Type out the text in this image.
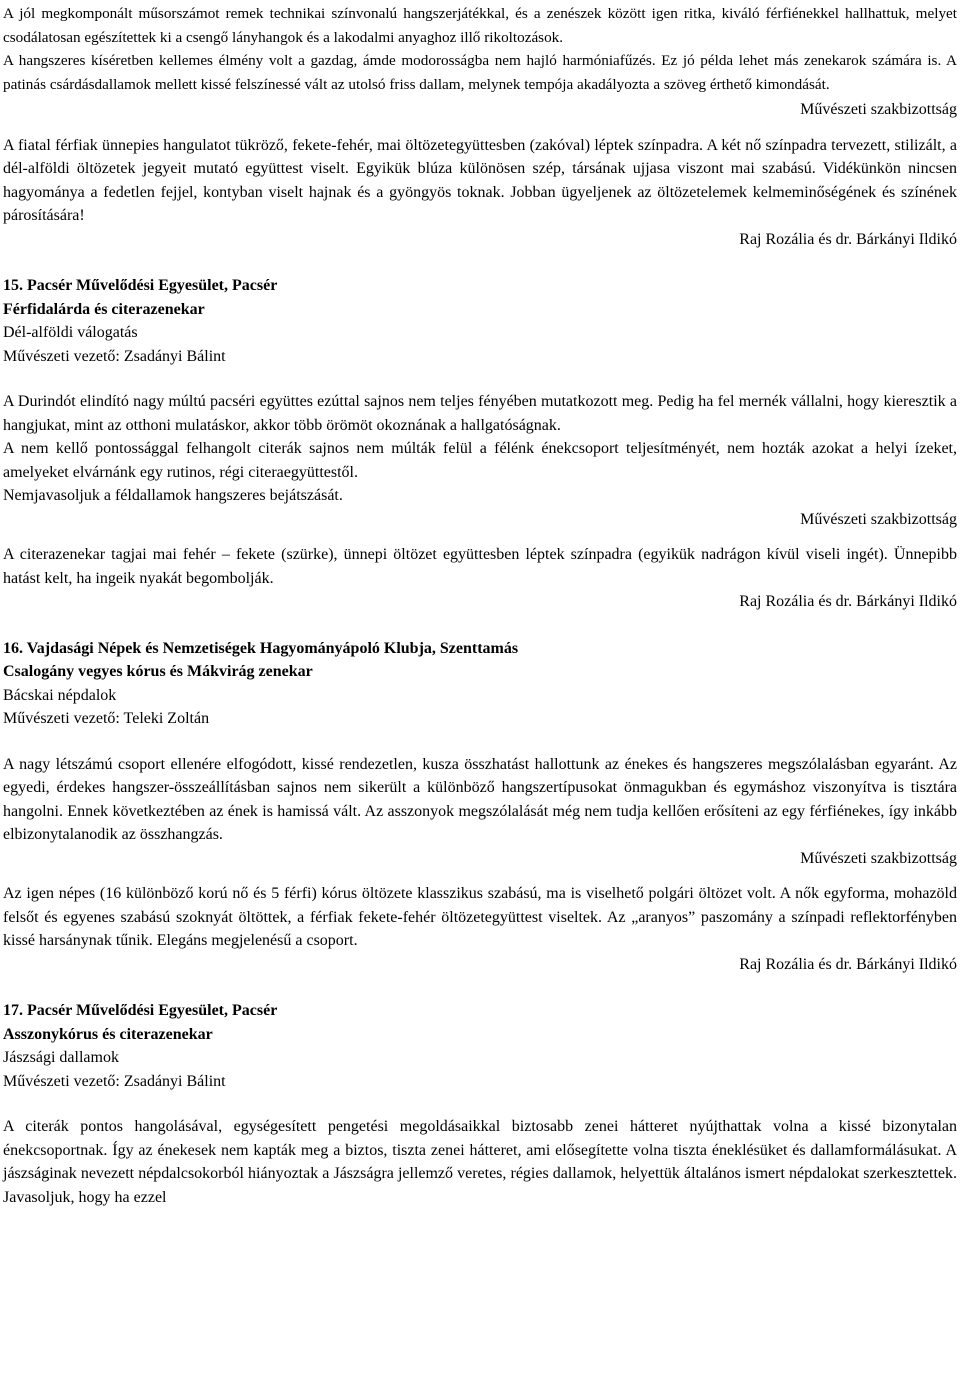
A jól megkomponált műsorszámot remek technikai színvonalú hangszerjátékkal, és a zenészek között igen ritka, kiváló férfiénekkel hallhattuk, melyet csodálatosan egészítettek ki a csengő lányhangok és a lakodalmi anyaghoz illő rikoltozások.

A hangszeres kíséretben kellemes élmény volt a gazdag, ámde modorosságba nem hajló harmóniafűzés. Ez jó példa lehet más zenekarok számára is. A patinás csárdásdallamok mellett kissé felszínessé vált az utolsó friss dallam, melynek tempója akadályozta a szöveg érthető kimondását.

Művészeti szakbizottság

A fiatal férfiak ünnepies hangulatot tükröző, fekete-fehér, mai öltözetegyüttesben (zakóval) léptek színpadra. A két nő színpadra tervezett, stilizált, a dél-alföldi öltözetek jegyeit mutató együttest viselt. Egyikük blúza különösen szép, társának ujjasa viszont mai szabású. Vidékünkön nincsen hagyománya a fedetlen fejjel, kontyban viselt hajnak és a gyöngyös toknak. Jobban ügyeljenek az öltözetelemek kelmeminőségének és színének párosítására!

Raj Rozália és dr. Bárkányi Ildikó

15. Pacsér Művelődési Egyesület, Pacsér

Férfidalárda és citerazenekar

Dél-alföldi válogatás

Művészeti vezető: Zsadányi Bálint

A Durindót elindító nagy múltú pacséri együttes ezúttal sajnos nem teljes fényében mutatkozott meg. Pedig ha fel mernék vállalni, hogy kieresztik a hangjukat, mint az otthoni mulatáskor, akkor több örömöt okoznának a hallgatóságnak.

A nem kellő pontossággal felhangolt citerák sajnos nem múlták felül a félénk énekcsoport teljesítményét, nem hozták azokat a helyi ízeket, amelyeket elvárnánk egy rutinos, régi citeraegyüttestől.

Nemjavasoljuk a féldallamok hangszeres bejátszását.

Művészeti szakbizottság

A citerazenekar tagjai mai fehér – fekete (szürke), ünnepi öltözet együttesben léptek színpadra (egyikük nadrágon kívül viseli ingét). Ünnepibb hatást kelt, ha ingeik nyakát begombolják.

Raj Rozália és dr. Bárkányi Ildikó

16. Vajdasági Népek és Nemzetiségek Hagyományápoló Klubja, Szenttamás

Csalogány vegyes kórus és Mákvirág zenekar

Bácskai népdalok

Művészeti vezető: Teleki Zoltán

A nagy létszámú csoport ellenére elfogódott, kissé rendezetlen, kusza összhatást hallottunk az énekes és hangszeres megszólalásban egyaránt. Az egyedi, érdekes hangszer-összeállításban sajnos nem sikerült a különböző hangszertípusokat önmagukban és egymáshoz viszonyítva is tisztára hangolni. Ennek következtében az ének is hamissá vált. Az asszonyok megszólalását még nem tudja kellően erősíteni az egy férfiénekes, így inkább elbizonytalanodik az összhangzás.

Művészeti szakbizottság

Az igen népes (16 különböző korú nő és 5 férfi) kórus öltözete klasszikus szabású, ma is viselhető polgári öltözet volt. A nők egyforma, mohazöld felsőt és egyenes szabású szoknyát öltöttek, a férfiak fekete-fehér öltözetegyüttest viseltek. Az „aranyos” paszomány a színpadi reflektorfényben kissé harsánynak tűnik. Elegáns megjelenésű a csoport.

Raj Rozália és dr. Bárkányi Ildikó

17. Pacsér Művelődési Egyesület, Pacsér

Asszonykórus és citerazenekar

Jászsági dallamok

Művészeti vezető: Zsadányi Bálint

A citerák pontos hangolásával, egységesített pengetési megoldásaikkal biztosabb zenei hátteret nyújthattak volna a kissé bizonytalan énekcsoportnak. Így az énekesek nem kapták meg a biztos, tiszta zenei hátteret, ami elősegítette volna tiszta éneklésüket és dallamformálásukat. A jászságinak nevezett népdalcsokorból hiányoztak a Jászságra jellemző veretes, régies dallamok, helyettük általános ismert népdalokat szerkesztettek. Javasoljuk, hogy ha ezzel
